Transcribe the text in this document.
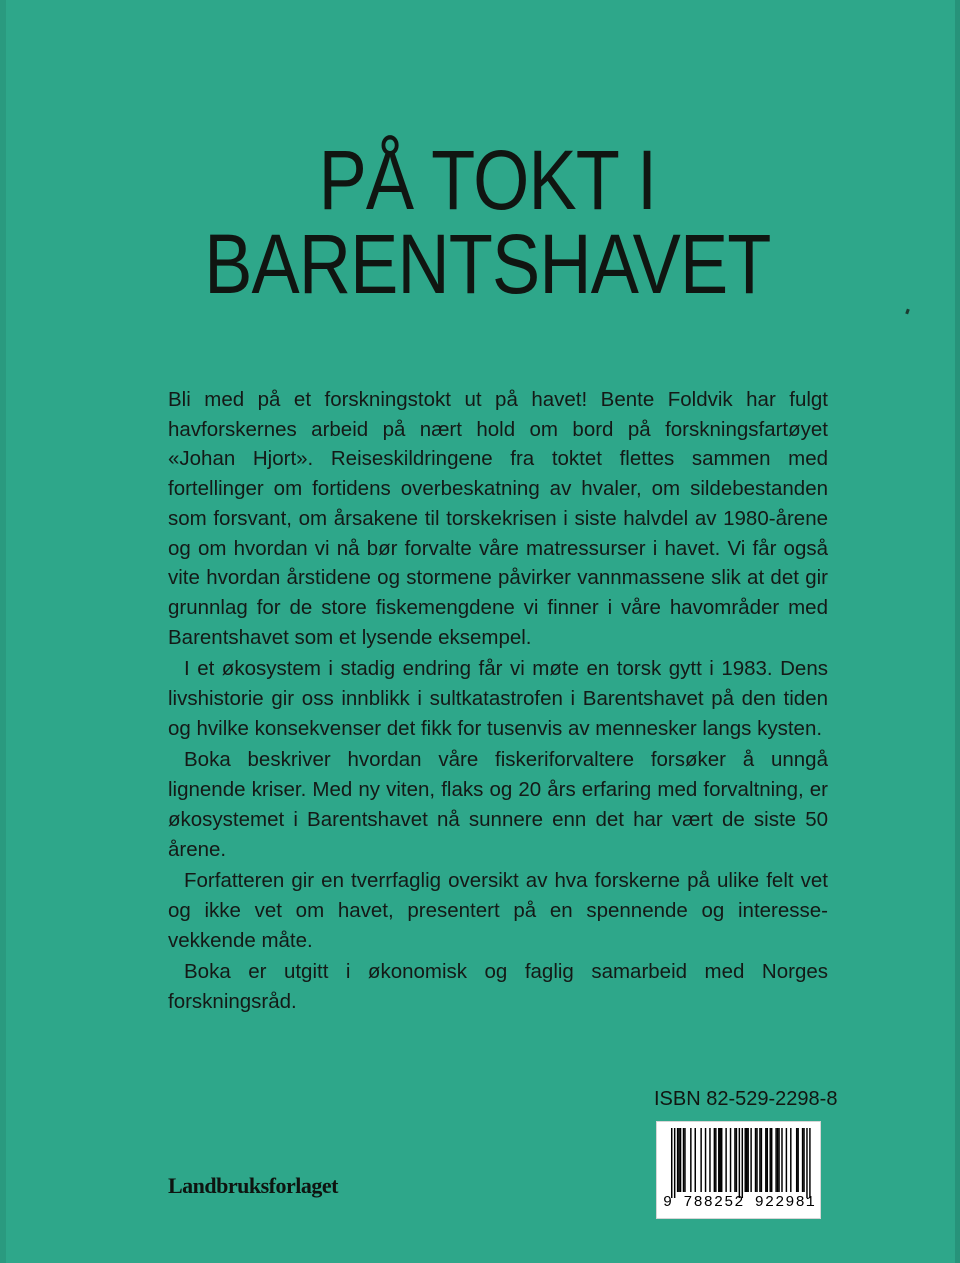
PÅ TOKT I
BARENTSHAVET

Bli med på et forskningstokt ut på havet! Bente Foldvik har fulgt havforskernes arbeid på nært hold om bord på forskningsfartøyet «Johan Hjort». Reiseskildringene fra toktet flettes sammen med fortellinger om fortidens overbeskatning av hvaler, om sildebestanden som forsvant, om årsakene til torskekrisen i siste halvdel av 1980-årene og om hvordan vi nå bør forvalte våre matressurser i havet. Vi får også vite hvordan årstidene og stormene påvirker vannmassene slik at det gir grunnlag for de store fiskemengdene vi finner i våre havområder med Barentshavet som et lysende eksempel.

I et økosystem i stadig endring får vi møte en torsk gytt i 1983. Dens livshistorie gir oss innblikk i sultkatastrofen i Barentshavet på den tiden og hvilke konsekvenser det fikk for tusenvis av mennesker langs kysten.

Boka beskriver hvordan våre fiskeriforvaltere forsøker å unngå lignende kriser. Med ny viten, flaks og 20 års erfaring med forvaltning, er økosystemet i Barentshavet nå sunnere enn det har vært de siste 50 årene.

Forfatteren gir en tverrfaglig oversikt av hva forskerne på ulike felt vet og ikke vet om havet, presentert på en spennende og interessevekkende måte.

Boka er utgitt i økonomisk og faglig samarbeid med Norges forskningsråd.

ISBN 82-529-2298-8
9 788252 922981
Landbruksforlaget
